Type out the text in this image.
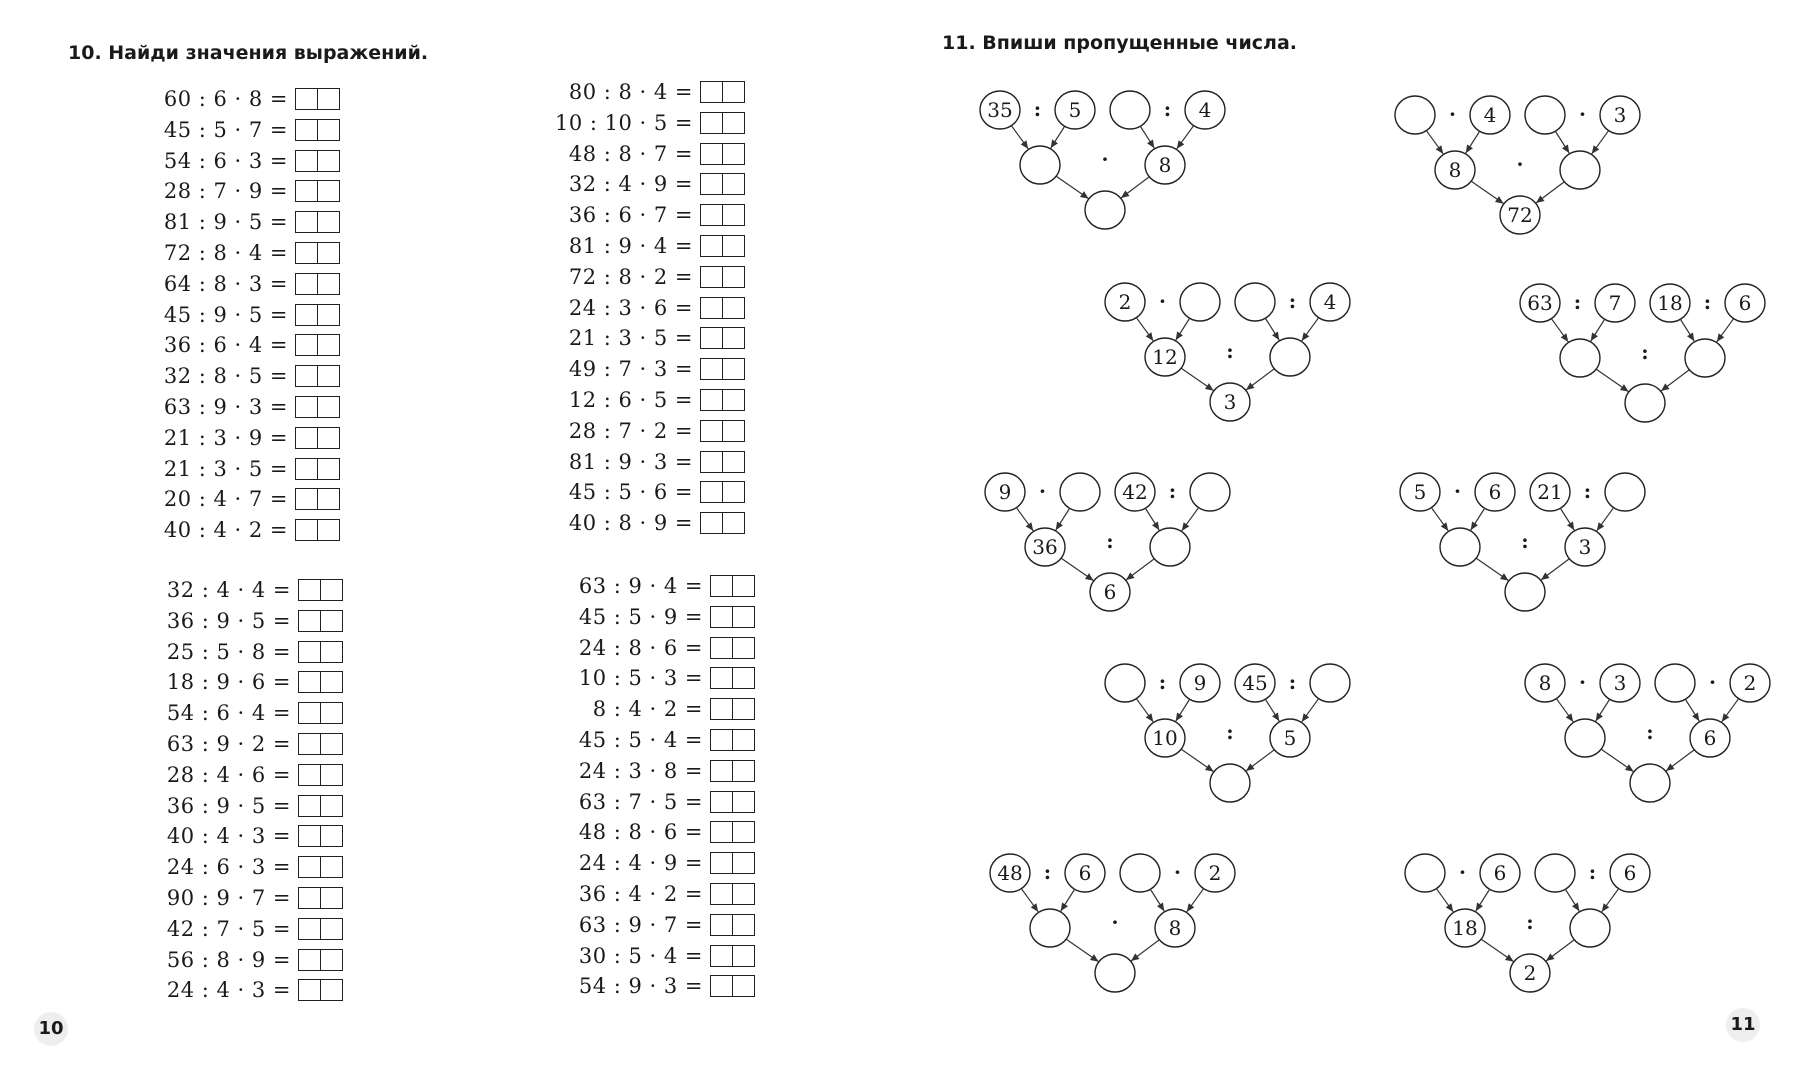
10. Найди значения выражений.	11. Впиши пропущенные числа.
60 : 6 · 8 =
45 : 5 · 7 =
54 : 6 · 3 =
28 : 7 · 9 =
81 : 9 · 5 =
72 : 8 · 4 =
64 : 8 · 3 =
45 : 9 · 5 =
36 : 6 · 4 =
32 : 8 · 5 =
63 : 9 · 3 =
21 : 3 · 9 =
21 : 3 · 5 =
20 : 4 · 7 =
40 : 4 · 2 =
80 : 8 · 4 =
10 : 10 · 5 =
48 : 8 · 7 =
32 : 4 · 9 =
36 : 6 · 7 =
81 : 9 · 4 =
72 : 8 · 2 =
24 : 3 · 6 =
21 : 3 · 5 =
49 : 7 · 3 =
12 : 6 · 5 =
28 : 7 · 2 =
81 : 9 · 3 =
45 : 5 · 6 =
40 : 8 · 9 =
32 : 4 · 4 =
36 : 9 · 5 =
25 : 5 · 8 =
18 : 9 · 6 =
54 : 6 · 4 =
63 : 9 · 2 =
28 : 4 · 6 =
36 : 9 · 5 =
40 : 4 · 3 =
24 : 6 · 3 =
90 : 9 · 7 =
42 : 7 · 5 =
56 : 8 · 9 =
24 : 4 · 3 =
63 : 9 · 4 =
45 : 5 · 9 =
24 : 8 · 6 =
10 : 5 · 3 =
8 : 4 · 2 =
45 : 5 · 4 =
24 : 3 · 8 =
63 : 7 · 5 =
48 : 8 · 6 =
24 : 4 · 9 =
36 : 4 · 2 =
63 : 9 · 7 =
30 : 5 · 4 =
54 : 9 · 3 =
35	5	4
8
:	:
·
4	3
8
72
·	·
·
2	4
12
3
·	:
:
63	7 18	6
:	:
:
9	42
36
6
·	:
:
5	6 21
3
·	:
:
9 45
10	5
:	:
:
8	3	2
6
·	·
:
48	6	2
8
:	·
·
6	6
18
2
·	:
:
10	11
